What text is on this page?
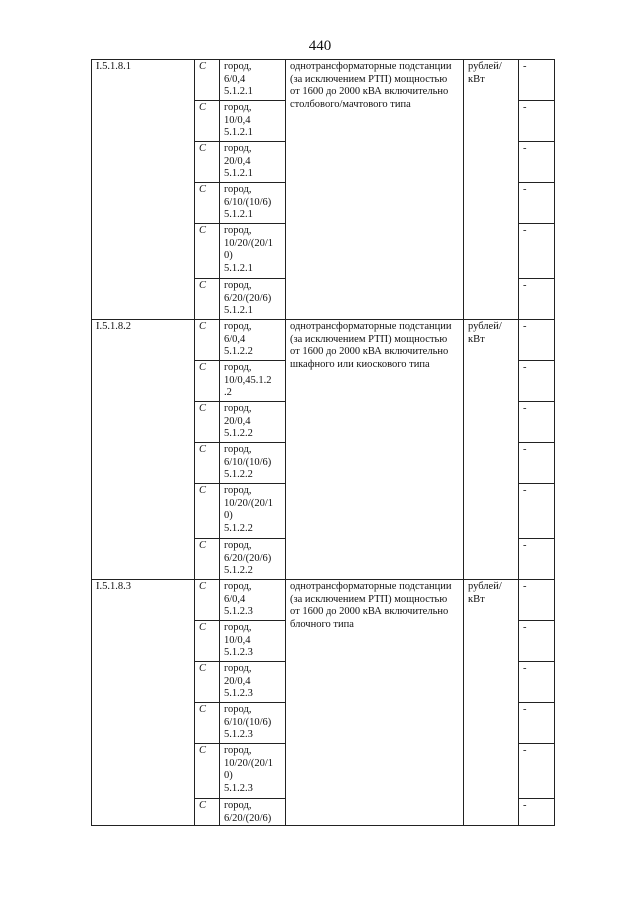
440
I.5.1.8.1	С	город,
6/0,4
5.1.2.1	однотрансформаторные подстанции (за исключением РТП) мощностью от 1600 до 2000 кВА включительно столбового/мачтового типа	рублей/ кВт	-
	С	город,
10/0,4
5.1.2.1			-
	С	город,
20/0,4
5.1.2.1			-
	С	город,
6/10/(10/6)
5.1.2.1			-
	С	город,
10/20/(20/1
0)
5.1.2.1			-
	С	город,
6/20/(20/6)
5.1.2.1			-
I.5.1.8.2	С	город,
6/0,4
5.1.2.2	однотрансформаторные подстанции (за исключением РТП) мощностью от 1600 до 2000 кВА включительно шкафного или киоскового типа	рублей/ кВт	-
	С	город,
10/0,45.1.2
.2			-
	С	город,
20/0,4
5.1.2.2			-
	С	город,
6/10/(10/6)
5.1.2.2			-
	С	город,
10/20/(20/1
0)
5.1.2.2			-
	С	город,
6/20/(20/6)
5.1.2.2			-
I.5.1.8.3	С	город,
6/0,4
5.1.2.3	однотрансформаторные подстанции (за исключением РТП) мощностью от 1600 до 2000 кВА включительно блочного типа	рублей/ кВт	-
	С	город,
10/0,4
5.1.2.3			-
	С	город,
20/0,4
5.1.2.3			-
	С	город,
6/10/(10/6)
5.1.2.3			-
	С	город,
10/20/(20/1
0)
5.1.2.3			-
	С	город,
6/20/(20/6)			-
